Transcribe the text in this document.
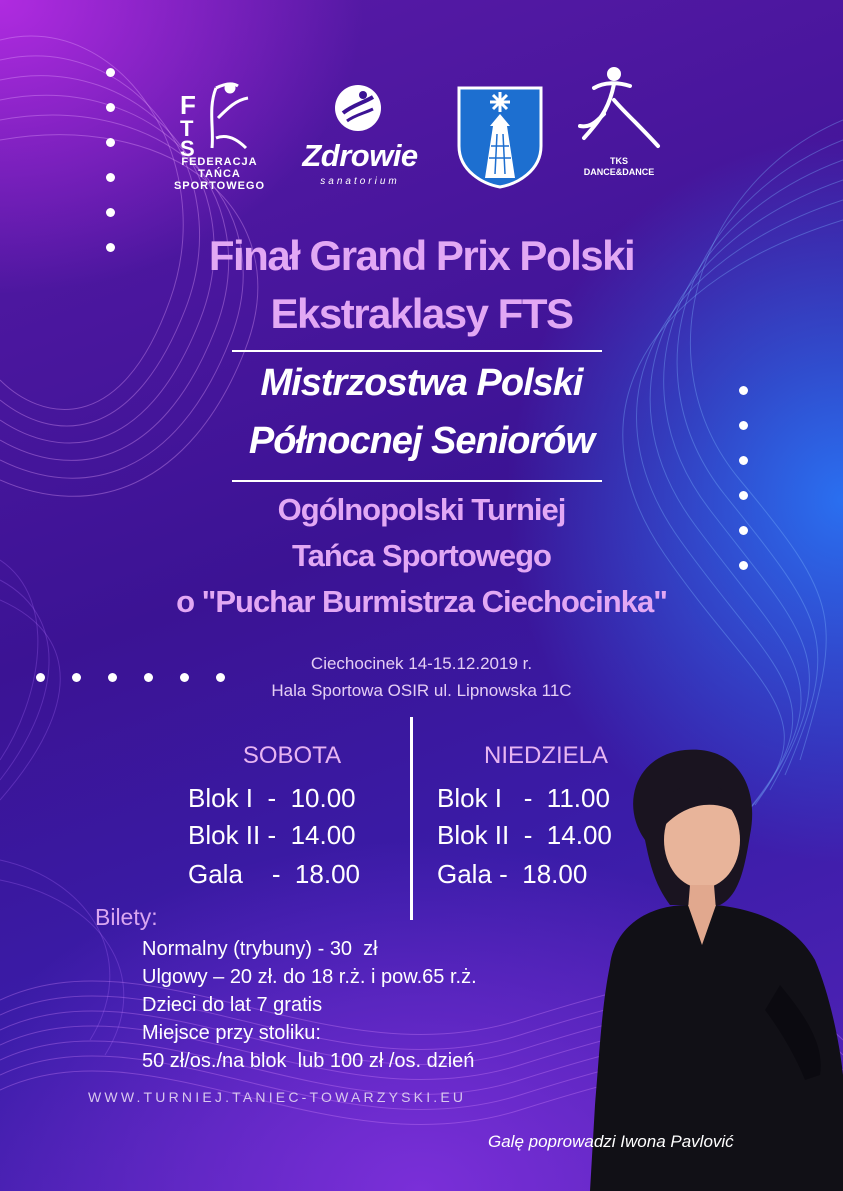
F
T
S
FEDERACJA
TAŃCA
SPORTOWEGO
Zdrowie
sanatorium
TKS
DANCE&DANCE
Finał Grand Prix Polski
Ekstraklasy FTS
Mistrzostwa Polski
Północnej Seniorów
Ogólnopolski Turniej
Tańca Sportowego
o "Puchar Burmistrza Ciechocinka"
Ciechocinek 14-15.12.2019 r.
Hala Sportowa OSIR ul. Lipnowska 11C
SOBOTA
Blok I  -  10.00
Blok II -  14.00
Gala    -  18.00
NIEDZIELA
Blok I   -  11.00
Blok II  -  14.00
Gala -  18.00
Bilety:
Normalny (trybuny) - 30  zł
Ulgowy – 20 zł. do 18 r.ż. i pow.65 r.ż.
Dzieci do lat 7 gratis
Miejsce przy stoliku:
50 zł/os./na blok  lub 100 zł /os. dzień
WWW.TURNIEJ.TANIEC-TOWARZYSKI.EU
Galę poprowadzi Iwona Pavlović
